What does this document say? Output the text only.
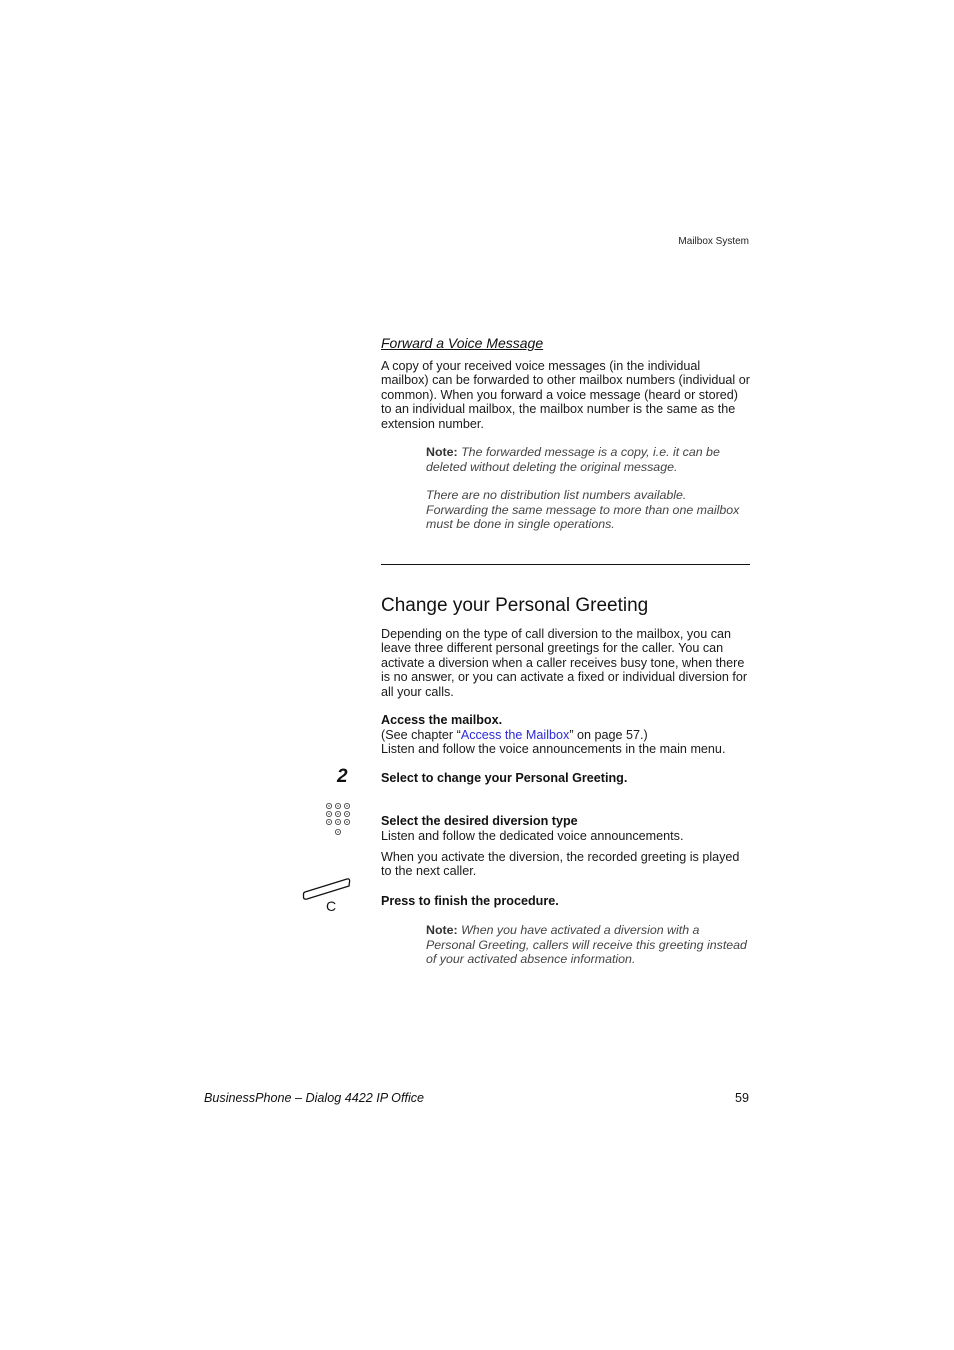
Mailbox System
Forward a Voice Message

A copy of your received voice messages (in the individual mailbox) can be forwarded to other mailbox numbers (individual or common). When you forward a voice message (heard or stored) to an individual mailbox, the mailbox number is the same as the extension number.

Note: The forwarded message is a copy, i.e. it can be deleted without deleting the original message.

There are no distribution list numbers available. Forwarding the same message to more than one mailbox must be done in single operations.

Change your Personal Greeting

Depending on the type of call diversion to the mailbox, you can leave three different personal greetings for the caller. You can activate a diversion when a caller receives busy tone, when there is no answer, or you can activate a fixed or individual diversion for all your calls.

Access the mailbox.

(See chapter “Access the Mailbox” on page 57.)

Listen and follow the voice announcements in the main menu.

2	Select to change your Personal Greeting.

Select the desired diversion type

Listen and follow the dedicated voice announcements.

When you activate the diversion, the recorded greeting is played to the next caller.

C	Press to finish the procedure.

Note: When you have activated a diversion with a Personal Greeting, callers will receive this greeting instead of your activated absence information.

BusinessPhone – Dialog 4422 IP Office	59
